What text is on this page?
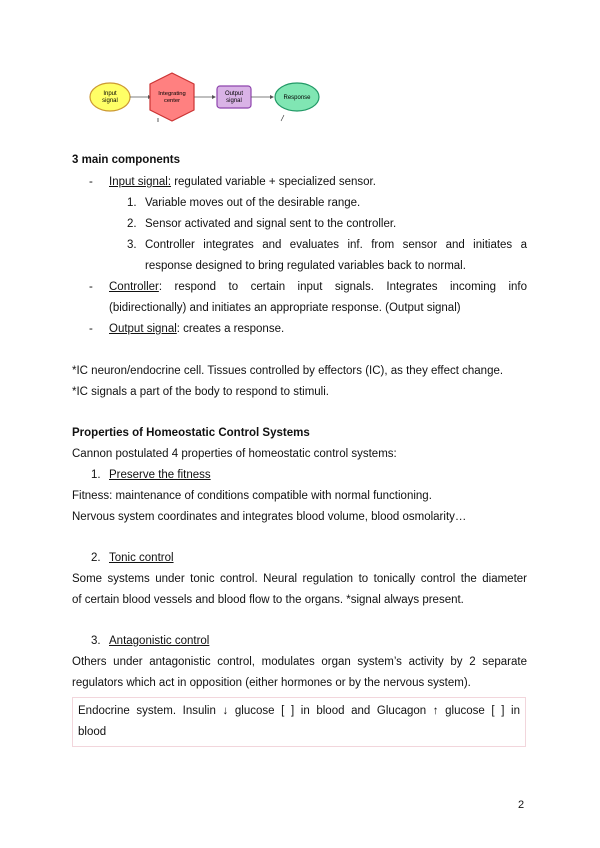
Input
signal
Integrating
center
Output
signal	Response
3 main components
- Input signal: regulated variable + specialized sensor.
1. Variable moves out of the desirable range.
2. Sensor activated and signal sent to the controller.
3. Controller integrates and evaluates inf. from sensor and initiates a
response designed to bring regulated variables back to normal.
- Controller: respond to certain input signals. Integrates incoming info
(bidirectionally) and initiates an appropriate response. (Output signal)
- Output signal: creates a response.
*IC neuron/endocrine cell. Tissues controlled by effectors (IC), as they effect change.
*IC signals a part of the body to respond to stimuli.
Properties of Homeostatic Control Systems
Cannon postulated 4 properties of homeostatic control systems:
1. Preserve the fitness
Fitness: maintenance of conditions compatible with normal functioning.
Nervous system coordinates and integrates blood volume, blood osmolarity…
2. Tonic control
Some systems under tonic control. Neural regulation to tonically control the diameter
of certain blood vessels and blood flow to the organs. *signal always present.
3. Antagonistic control
Others under antagonistic control, modulates organ system’s activity by 2 separate
regulators which act in opposition (either hormones or by the nervous system).
Endocrine system. Insulin ↓ glucose [ ] in blood and Glucagon ↑ glucose [ ] in
blood
2
